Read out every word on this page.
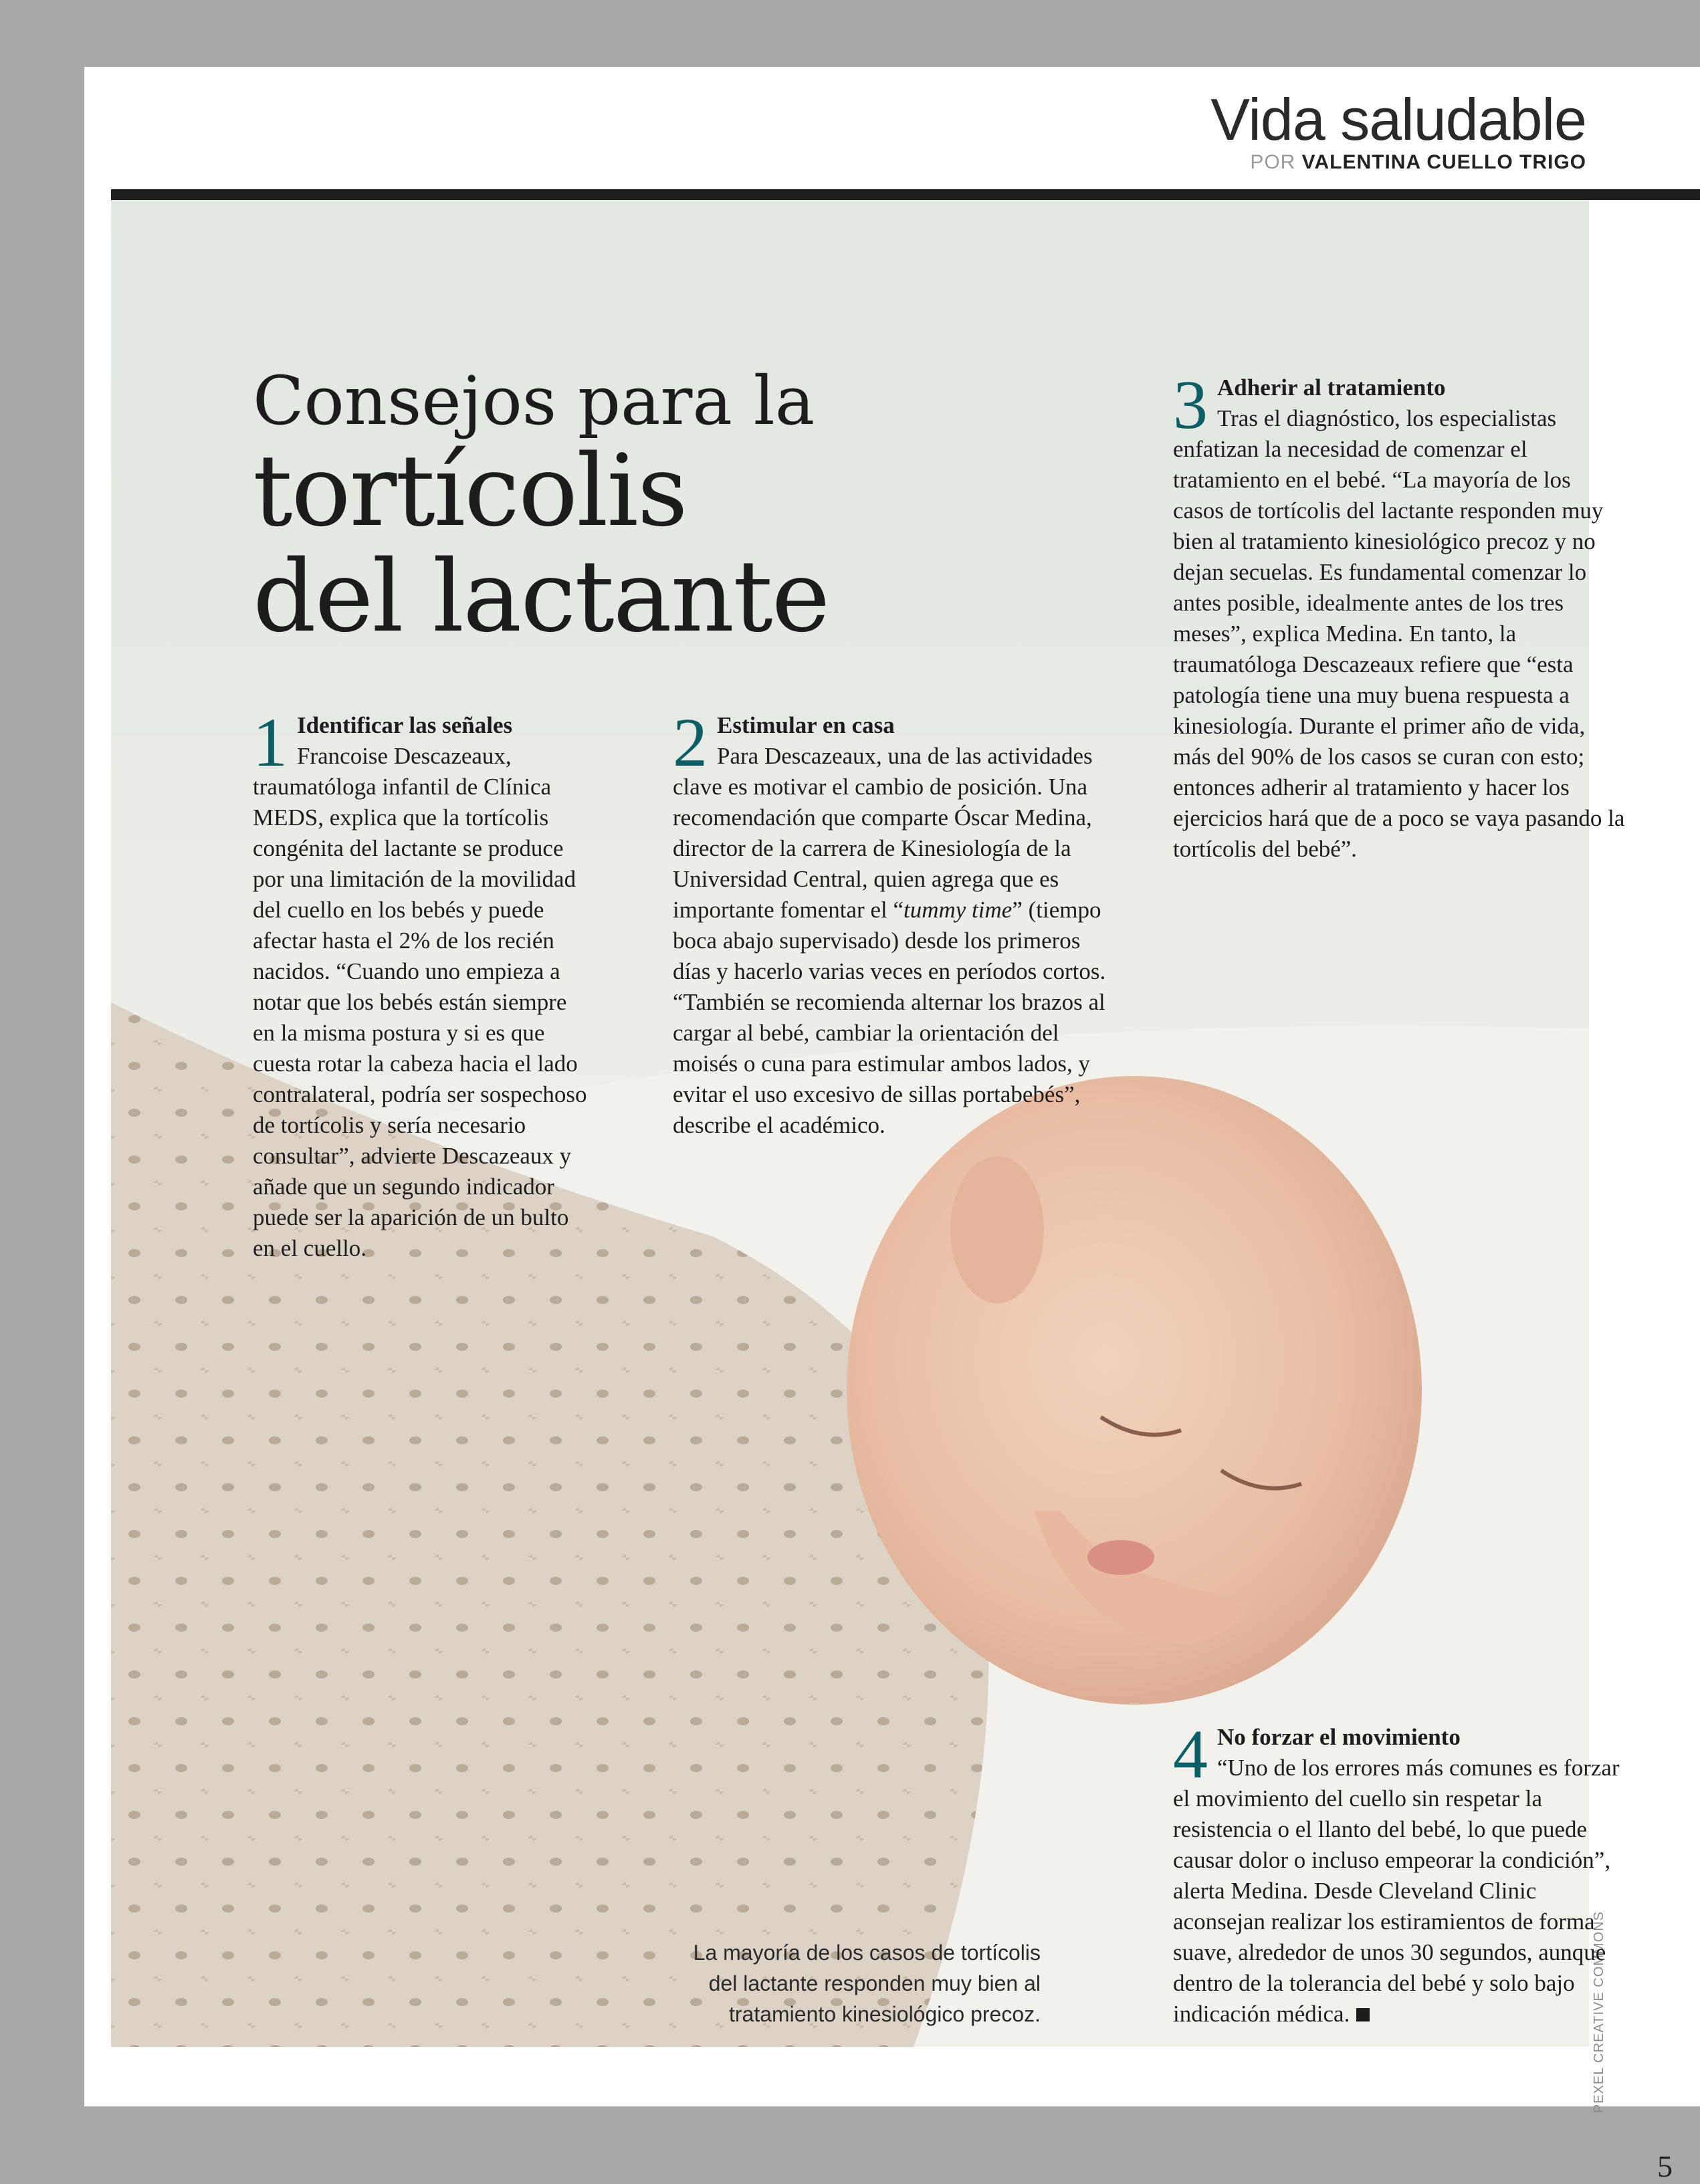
Vida saludable
POR VALENTINA CUELLO TRIGO
PEXEL CREATIVE COMMONS
Consejos para la
tortícolis
del lactante
1 Identificar las señales

Francoise Descazeaux, traumatóloga infantil de Clínica MEDS, explica que la tortícolis congénita del lactante se produce por una limitación de la movilidad del cuello en los bebés y puede afectar hasta el 2% de los recién nacidos. “Cuando uno empieza a notar que los bebés están siempre en la misma postura y si es que cuesta rotar la cabeza hacia el lado contralateral, podría ser sospechoso de tortícolis y sería necesario consultar”, advierte Descazeaux y añade que un segundo indicador puede ser la aparición de un bulto en el cuello.

2 Estimular en casa

Para Descazeaux, una de las actividades clave es motivar el cambio de posición. Una recomendación que comparte Óscar Medina, director de la carrera de Kinesiología de la Universidad Central, quien agrega que es importante fomentar el “tummy time” (tiempo boca abajo supervisado) desde los primeros días y hacerlo varias veces en períodos cortos. “También se recomienda alternar los brazos al cargar al bebé, cambiar la orientación del moisés o cuna para estimular ambos lados, y evitar el uso excesivo de sillas portabebés”, describe el académico.

3 Adherir al tratamiento

Tras el diagnóstico, los especialistas enfatizan la necesidad de comenzar el tratamiento en el bebé. “La mayoría de los casos de tortícolis del lactante responden muy bien al tratamiento kinesiológico precoz y no dejan secuelas. Es fundamental comenzar lo antes posible, idealmente antes de los tres meses”, explica Medina. En tanto, la traumatóloga Descazeaux refiere que “esta patología tiene una muy buena respuesta a kinesiología. Durante el primer año de vida, más del 90% de los casos se curan con esto; entonces adherir al tratamiento y hacer los ejercicios hará que de a poco se vaya pasando la tortícolis del bebé”.

4 No forzar el movimiento

“Uno de los errores más comunes es forzar el movimiento del cuello sin respetar la resistencia o el llanto del bebé, lo que puede causar dolor o incluso empeorar la condición”, alerta Medina. Desde Cleveland Clinic aconsejan realizar los estiramientos de forma suave, alrededor de unos 30 segundos, aunque dentro de la tolerancia del bebé y solo bajo indicación médica.

La mayoría de los casos de tortícolis del lactante responden muy bien al tratamiento kinesiológico precoz.
5
